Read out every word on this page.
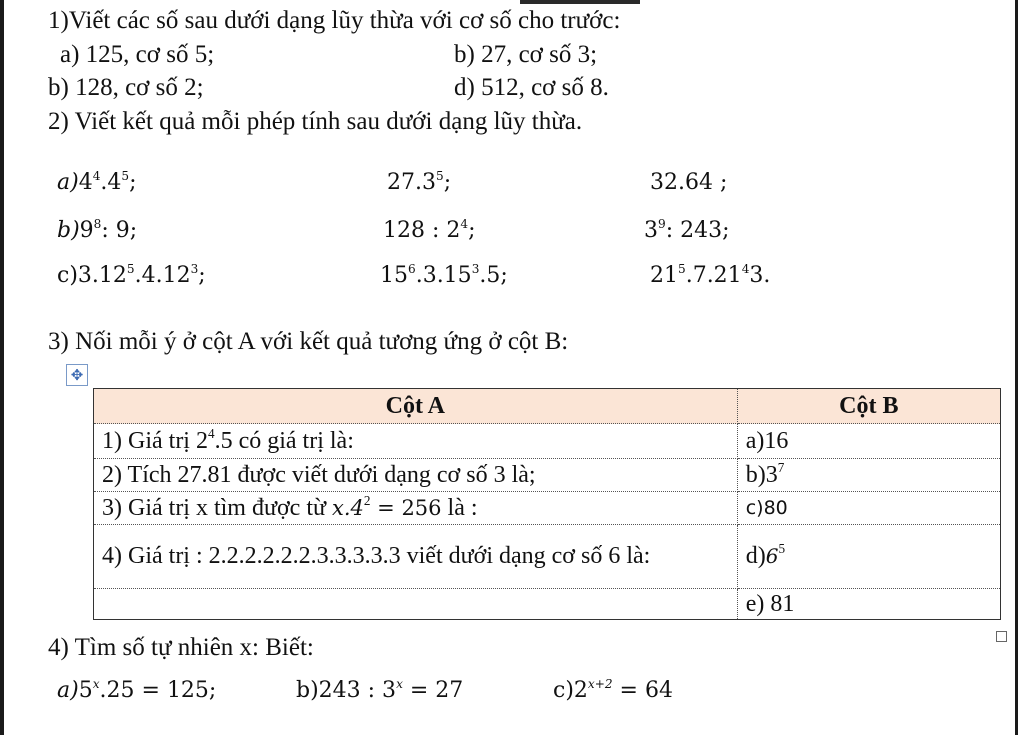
1)Viết các số sau dưới dạng lũy thừa với cơ số cho trước:
a) 125, cơ số 5;	b) 27, cơ số 3;
b) 128, cơ số 2;	d) 512, cơ số 8.
2) Viết kết quả mỗi phép tính sau dưới dạng lũy thừa.
$a)4^4.4^5$;	27.3$^5$;	32.64 ;
$b)9^8$: 9;	128 : $2^4$;	$3^9$: 243;
c)3.12$^5$.4.12$^3$;	$15^6.3.15^3.5$;	$21^5.7.21^43$.
3) Nối mỗi ý ở cột A với kết quả tương ứng ở cột B:
✥
Cột A	Cột B
1) Giá trị $2^4.5$ có giá trị là:	a)16
2) Tích 27.81 được viết dưới dạng cơ số 3 là;	$b)3^7$
3) Giá trị x tìm được từ $x.4^2 = 256$ là :	c)80
4) Giá trị : 2.2.2.2.2.2.3.3.3.3.3 viết dưới dạng cơ số 6 là:	$d)6^5$
	e) 81
4) Tìm số tự nhiên x: Biết:
$a)5^x.25 = 125$;	b)243 : $3^x = 27$	$c)2^{x+2} = 64$
